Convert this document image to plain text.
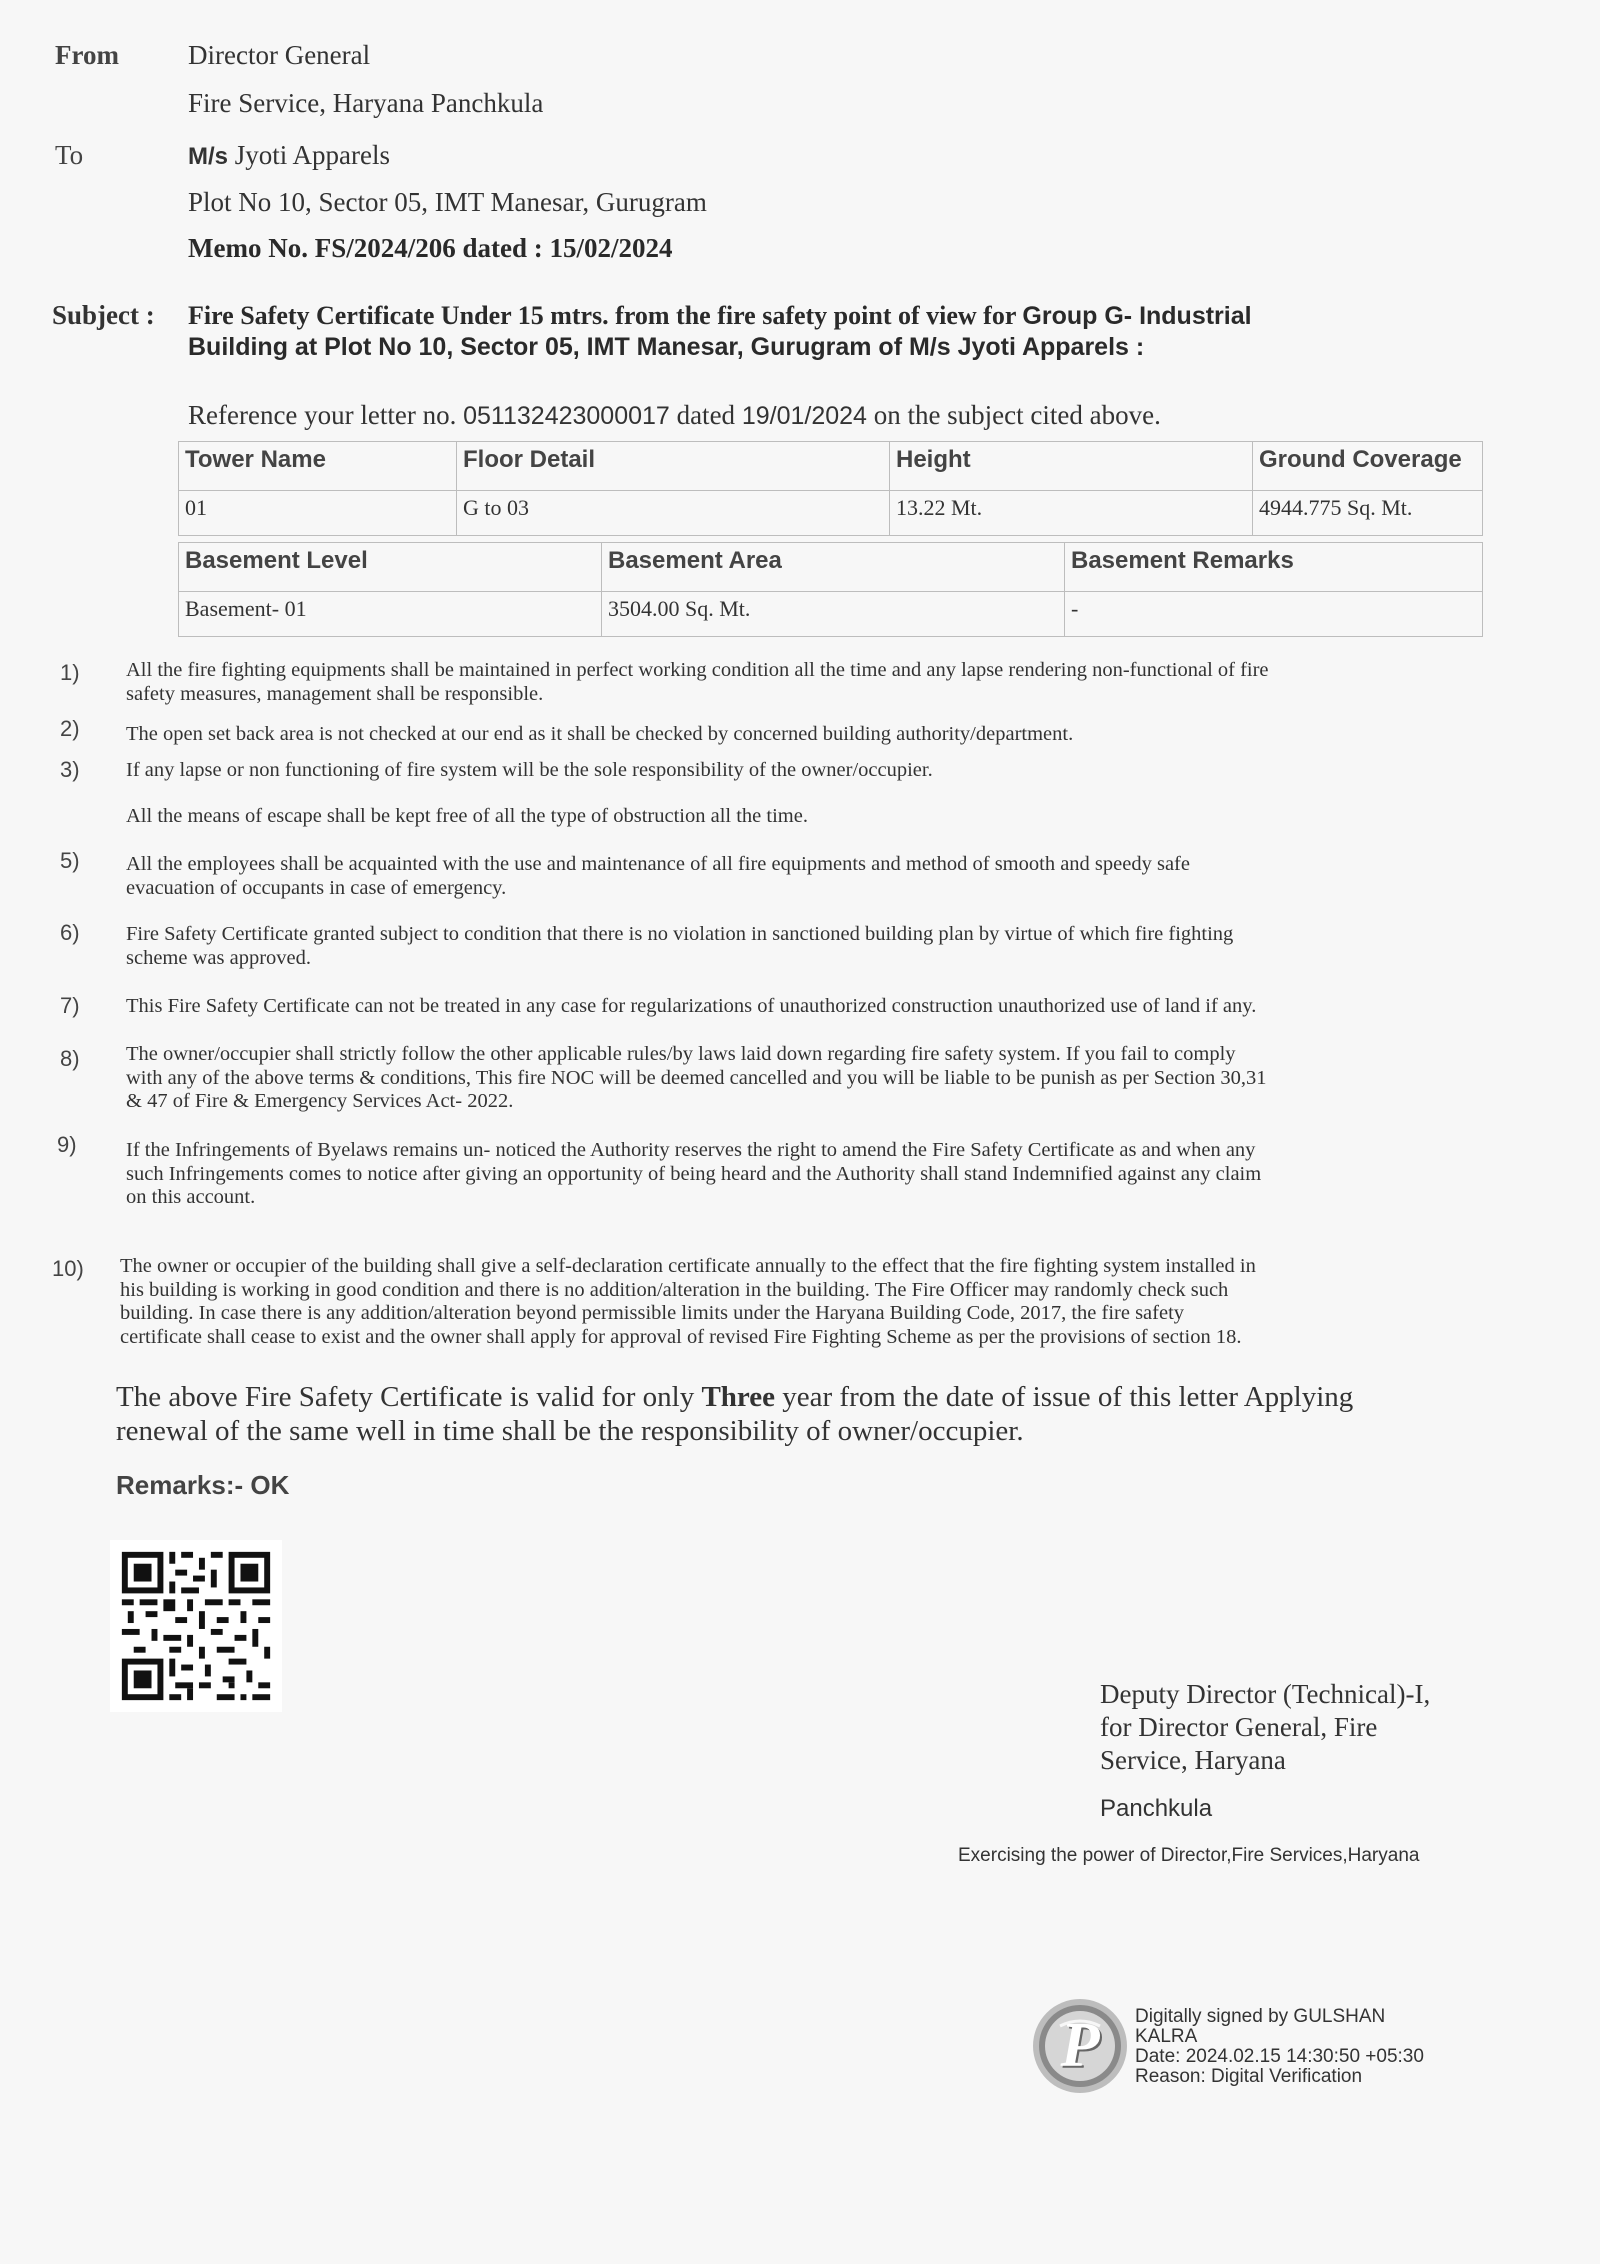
From	Director General
Fire Service, Haryana Panchkula
To	M/s Jyoti Apparels
Plot No 10, Sector 05, IMT Manesar, Gurugram
Memo No. FS/2024/206 dated : 15/02/2024
Subject : Fire Safety Certificate Under 15 mtrs. from the fire safety point of view for Group G- Industrial
Building at Plot No 10, Sector 05, IMT Manesar, Gurugram of M/s Jyoti Apparels :
Reference your letter no. 051132423000017 dated 19/01/2024 on the subject cited above.
Tower Name	Floor Detail	Height	Ground Coverage
01	G to 03	13.22 Mt.	4944.775 Sq. Mt.
Basement Level	Basement Area	Basement Remarks
Basement- 01	3504.00 Sq. Mt.	-
1) All the fire fighting equipments shall be maintained in perfect working condition all the time and any lapse rendering non-functional of fire
safety measures, management shall be responsible.
2) The open set back area is not checked at our end as it shall be checked by concerned building authority/department.
3) If any lapse or non functioning of fire system will be the sole responsibility of the owner/occupier.
All the means of escape shall be kept free of all the type of obstruction all the time.
5) All the employees shall be acquainted with the use and maintenance of all fire equipments and method of smooth and speedy safe
evacuation of occupants in case of emergency.
6) Fire Safety Certificate granted subject to condition that there is no violation in sanctioned building plan by virtue of which fire fighting
scheme was approved.
7) This Fire Safety Certificate can not be treated in any case for regularizations of unauthorized construction unauthorized use of land if any.
8) The owner/occupier shall strictly follow the other applicable rules/by laws laid down regarding fire safety system. If you fail to comply
with any of the above terms & conditions, This fire NOC will be deemed cancelled and you will be liable to be punish as per Section 30,31
& 47 of Fire & Emergency Services Act- 2022.
9) If the Infringements of Byelaws remains un- noticed the Authority reserves the right to amend the Fire Safety Certificate as and when any
such Infringements comes to notice after giving an opportunity of being heard and the Authority shall stand Indemnified against any claim
on this account.
10) The owner or occupier of the building shall give a self-declaration certificate annually to the effect that the fire fighting system installed in
his building is working in good condition and there is no addition/alteration in the building. The Fire Officer may randomly check such
building. In case there is any addition/alteration beyond permissible limits under the Haryana Building Code, 2017, the fire safety
certificate shall cease to exist and the owner shall apply for approval of revised Fire Fighting Scheme as per the provisions of section 18.
The above Fire Safety Certificate is valid for only Three year from the date of issue of this letter Applying
renewal of the same well in time shall be the responsibility of owner/occupier.
Remarks:- OK
Deputy Director (Technical)-I,
for Director General, Fire
Service, Haryana
Panchkula
Exercising the power of Director,Fire Services,Haryana
P	Digitally signed by GULSHAN
KALRA
Date: 2024.02.15 14:30:50 +05:30
Reason: Digital Verification
